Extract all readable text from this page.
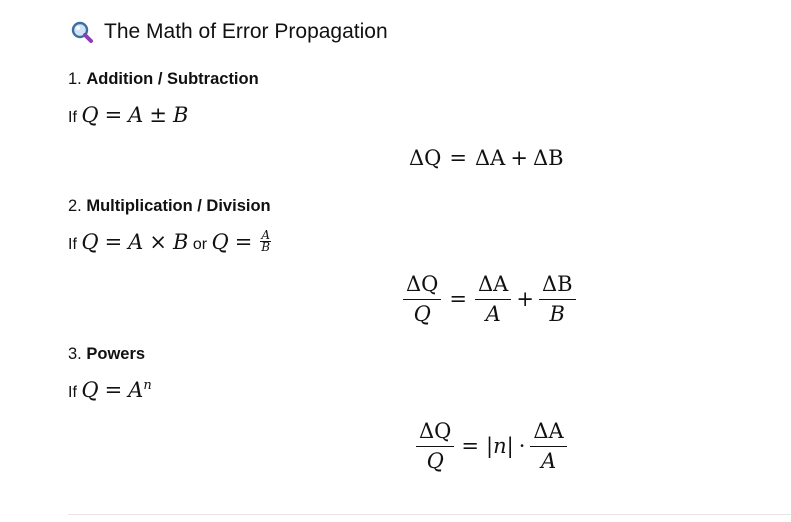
The Math of Error Propagation
1. Addition / Subtraction
If
Q = A ± B
ΔQ = ΔA + ΔB
2. Multiplication / Division
If
Q = A × B
or
$Q = \frac{A}{B}$
$\frac{\Delta Q}{Q} = \frac{\Delta A}{A} + \frac{\Delta B}{B}$
3. Powers
If
$Q = A^n$
$\frac{\Delta Q}{Q} = |n| \cdot \frac{\Delta A}{A}$
